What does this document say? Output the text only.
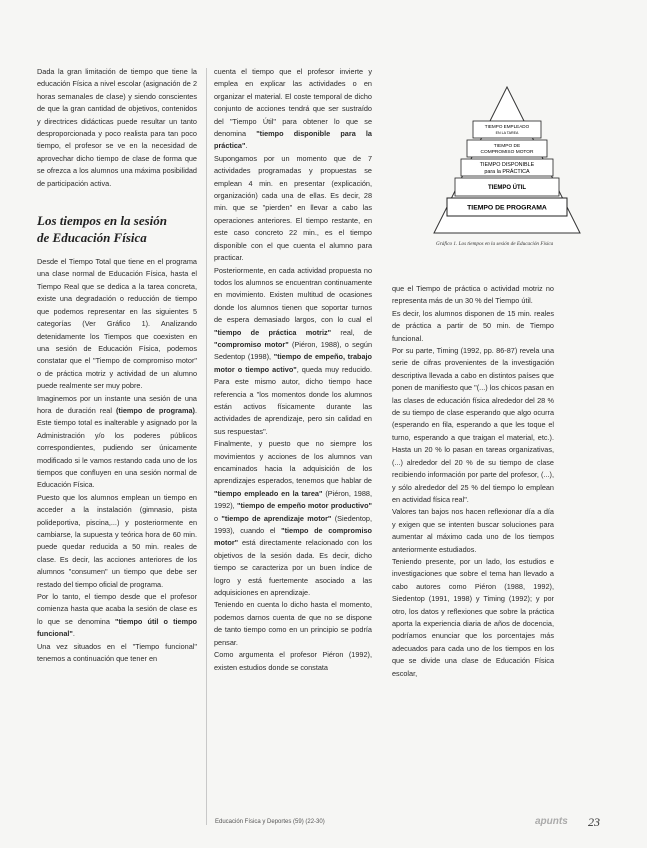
Dada la gran limitación de tiempo que tiene la educación Física a nivel escolar (asignación de 2 horas semanales de clase) y siendo conscientes de que la gran cantidad de objetivos, contenidos y directrices didácticas puede resultar un tanto desproporcionada y poco realista para tan poco tiempo, el profesor se ve en la necesidad de aprovechar dicho tiempo de clase de forma que se ofrezca a los alumnos una máxima posibilidad de participación activa.

Los tiempos en la sesión
de Educación Física

Desde el Tiempo Total que tiene en el programa una clase normal de Educación Física, hasta el Tiempo Real que se dedica a la tarea concreta, existe una degradación o reducción de tiempo que podemos representar en las siguientes 5 categorías (Ver Gráfico 1). Analizando detenidamente los Tiempos que coexisten en una sesión de Educación Física, podemos constatar que el "Tiempo de compromiso motor" o de práctica motriz y actividad de un alumno puede realmente ser muy pobre.

Imaginemos por un instante una sesión de una hora de duración real (tiempo de programa). Este tiempo total es inalterable y asignado por la Administración y/o los poderes públicos correspondientes, pudiendo ser únicamente modificado si le vamos restando cada uno de los tiempos que confluyen en una sesión normal de Educación Física.

Puesto que los alumnos emplean un tiempo en acceder a la instalación (gimnasio, pista polideportiva, piscina,...) y posteriormente en cambiarse, la supuesta y teórica hora de 60 min. puede quedar reducida a 50 min. reales de clase. Es decir, las acciones anteriores de los alumnos "consumen" un tiempo que debe ser restado del tiempo oficial de programa.

Por lo tanto, el tiempo desde que el profesor comienza hasta que acaba la sesión de clase es lo que se denomina "tiempo útil o tiempo funcional".

Una vez situados en el "Tiempo funcional" tenemos a continuación que tener en

cuenta el tiempo que el profesor invierte y emplea en explicar las actividades o en organizar el material. El coste temporal de dicho conjunto de acciones tendrá que ser sustraído del "Tiempo Útil" para obtener lo que se denomina "tiempo disponible para la práctica".

Supongamos por un momento que de 7 actividades programadas y propuestas se emplean 4 min. en presentar (explicación, organización) cada una de ellas. Es decir, 28 min. que se "pierden" en llevar a cabo las operaciones anteriores. El tiempo restante, en este caso concreto 22 min., es el tiempo disponible con el que cuenta el alumno para practicar.

Posteriormente, en cada actividad propuesta no todos los alumnos se encuentran continuamente en movimiento. Existen multitud de ocasiones donde los alumnos tienen que soportar turnos de espera demasiado largos, con lo cual el "tiempo de práctica motriz" real, de "compromiso motor" (Piéron, 1988), o según Sedentop (1998), "tiempo de empeño, trabajo motor o tiempo activo", queda muy reducido. Para este mismo autor, dicho tiempo hace referencia a "los momentos donde los alumnos están activos físicamente durante las actividades de aprendizaje, pero sin calidad en sus respuestas".

Finalmente, y puesto que no siempre los movimientos y acciones de los alumnos van encaminados hacia la adquisición de los aprendizajes esperados, tenemos que hablar de "tiempo empleado en la tarea" (Piéron, 1988, 1992), "tiempo de empeño motor productivo" o "tiempo de aprendizaje motor" (Siedentop, 1993), cuando el "tiempo de compromiso motor" está directamente relacionado con los objetivos de la sesión dada. Es decir, dicho tiempo se caracteriza por un buen índice de logro y está fuertemente asociado a las adquisiciones en aprendizaje.

Teniendo en cuenta lo dicho hasta el momento, podemos darnos cuenta de que no se dispone de tanto tiempo como en un principio se podría pensar.

Como argumenta el profesor Piéron (1992), existen estudios donde se constata

TIEMPO EMPLEADO
EN LA TAREA
TIEMPO DE
COMPROMISO MOTOR
TIEMPO DISPONIBLE
para la PRÁCTICA
TIEMPO ÚTIL
TIEMPO DE PROGRAMA
Gráfico 1. Los tiempos en la sesión de Educación Física

que el Tiempo de práctica o actividad motriz no representa más de un 30 % del Tiempo útil.

Es decir, los alumnos disponen de 15 min. reales de práctica a partir de 50 min. de Tiempo funcional.

Por su parte, Timing (1992, pp. 86-87) revela una serie de cifras provenientes de la investigación descriptiva llevada a cabo en distintos países que ponen de manifiesto que "(...) los chicos pasan en las clases de educación física alrededor del 28 % de su tiempo de clase esperando que algo ocurra (esperando en fila, esperando a que les toque el turno, esperando a que traigan el material, etc.). Hasta un 20 % lo pasan en tareas organizativas, (...) alrededor del 20 % de su tiempo de clase recibiendo información por parte del profesor, (...), y sólo alrededor del 25 % del tiempo lo emplean en actividad física real".

Valores tan bajos nos hacen reflexionar día a día y exigen que se intenten buscar soluciones para aumentar al máximo cada uno de los tiempos anteriormente estudiados.

Teniendo presente, por un lado, los estudios e investigaciones que sobre el tema han llevado a cabo autores como Piéron (1988, 1992), Siedentop (1991, 1998) y Timing (1992); y por otro, los datos y reflexiones que sobre la práctica aporta la experiencia diaria de años de docencia, podríamos enunciar que los porcentajes más adecuados para cada uno de los tiempos en los que se divide una clase de Educación Física escolar,

Educación Física y Deportes (59) (22-30)	apunts 23
